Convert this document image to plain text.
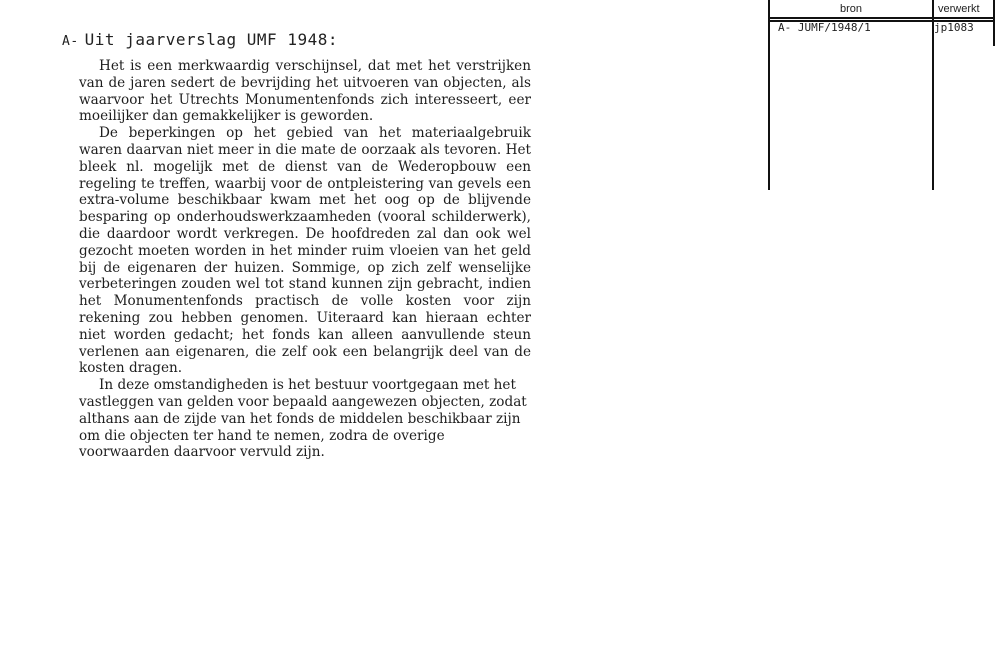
A- Uit jaarverslag UMF 1948:

Het is een merkwaardig verschijnsel, dat met het verstrijken van de jaren sedert de bevrijding het uitvoeren van objecten, als waarvoor het Utrechts Monumentenfonds zich interesseert, eer moeilijker dan gemakkelijker is geworden.

De beperkingen op het gebied van het materiaalgebruik waren daarvan niet meer in die mate de oorzaak als tevoren. Het bleek nl. mogelijk met de dienst van de Wederopbouw een regeling te treffen, waarbij voor de ontpleistering van gevels een extra-volume beschikbaar kwam met het oog op de blijvende besparing op onderhoudswerkzaamheden (vooral schilderwerk), die daardoor wordt verkregen. De hoofdreden zal dan ook wel gezocht moeten worden in het minder ruim vloeien van het geld bij de eigenaren der huizen. Sommige, op zich zelf wenselijke verbeteringen zouden wel tot stand kunnen zijn gebracht, indien het Monumentenfonds practisch de volle kosten voor zijn rekening zou hebben genomen. Uiteraard kan hieraan echter niet worden gedacht; het fonds kan alleen aanvullende steun verlenen aan eigenaren, die zelf ook een belangrijk deel van de kosten dragen.

In deze omstandigheden is het bestuur voortgegaan met het vastleggen van gelden voor bepaald aangewezen objecten, zodat althans aan de zijde van het fonds de middelen beschikbaar zijn om die objecten ter hand te nemen, zodra de overige voorwaarden daarvoor vervuld zijn.

bron	verwerkt
A- JUMF/1948/1	jp1083
